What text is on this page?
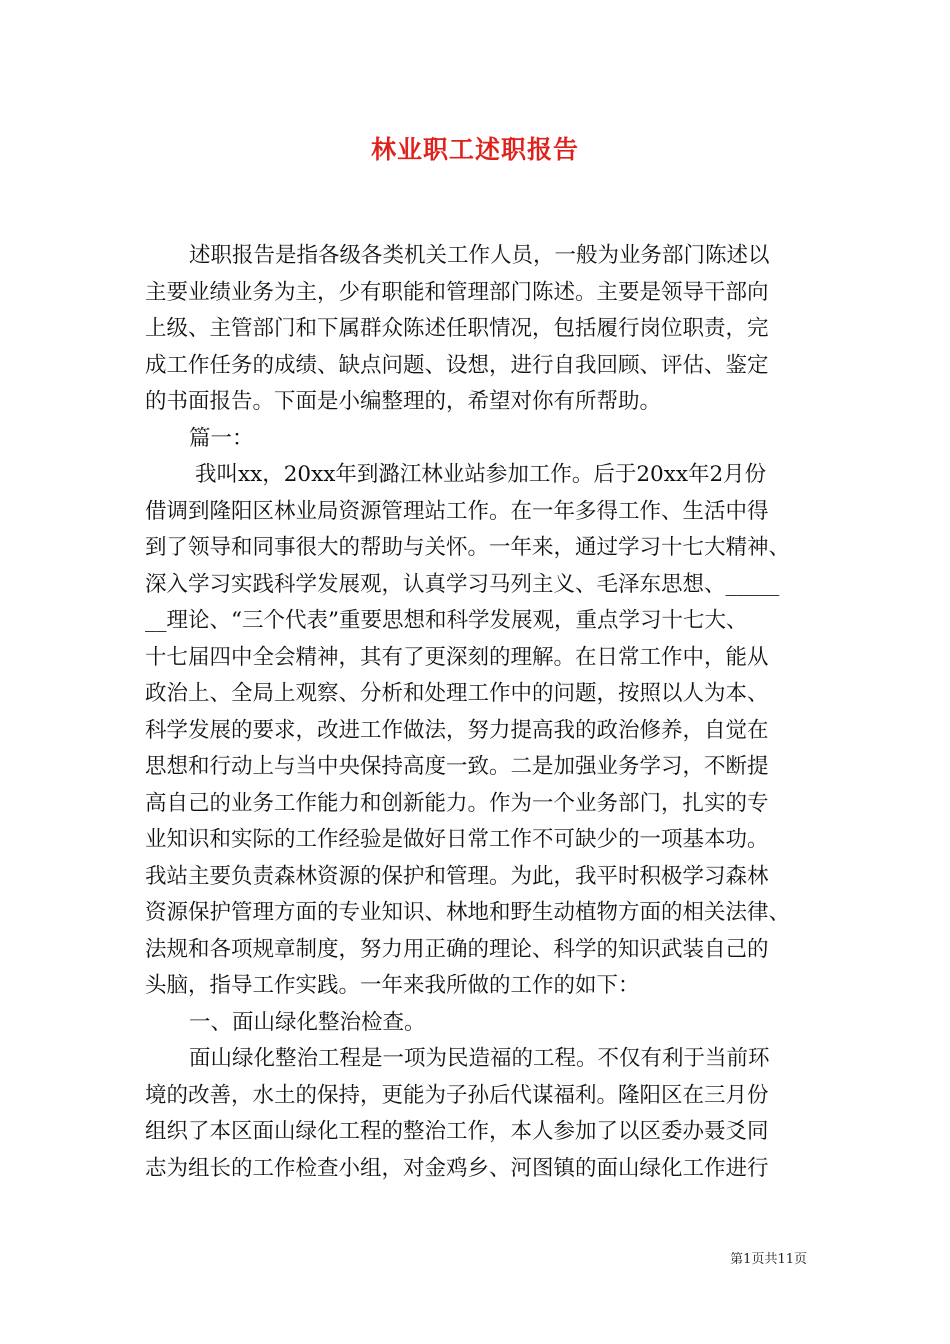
林业职工述职报告
述职报告是指各级各类机关工作人员，一般为业务部门陈述以
主要业绩业务为主，少有职能和管理部门陈述。主要是领导干部向
上级、主管部门和下属群众陈述任职情况，包括履行岗位职责，完
成工作任务的成绩、缺点问题、设想，进行自我回顾、评估、鉴定
的书面报告。下面是小编整理的，希望对你有所帮助。
篇一：
我叫xx，20xx年到潞江林业站参加工作。后于20xx年2月份
借调到隆阳区林业局资源管理站工作。在一年多得工作、生活中得
到了领导和同事很大的帮助与关怀。一年来，通过学习十七大精神、
深入学习实践科学发展观，认真学习马列主义、毛泽东思想、_____
__理论、“三个代表”重要思想和科学发展观，重点学习十七大、
十七届四中全会精神，其有了更深刻的理解。在日常工作中，能从
政治上、全局上观察、分析和处理工作中的问题，按照以人为本、
科学发展的要求，改进工作做法，努力提高我的政治修养，自觉在
思想和行动上与当中央保持高度一致。二是加强业务学习，不断提
高自己的业务工作能力和创新能力。作为一个业务部门，扎实的专
业知识和实际的工作经验是做好日常工作不可缺少的一项基本功。
我站主要负责森林资源的保护和管理。为此，我平时积极学习森林
资源保护管理方面的专业知识、林地和野生动植物方面的相关法律、
法规和各项规章制度，努力用正确的理论、科学的知识武装自己的
头脑，指导工作实践。一年来我所做的工作的如下：
一、面山绿化整治检查。
面山绿化整治工程是一项为民造福的工程。不仅有利于当前环
境的改善，水土的保持，更能为子孙后代谋福利。隆阳区在三月份
组织了本区面山绿化工程的整治工作，本人参加了以区委办聂爻同
志为组长的工作检查小组，对金鸡乡、河图镇的面山绿化工作进行
第1页共11页
